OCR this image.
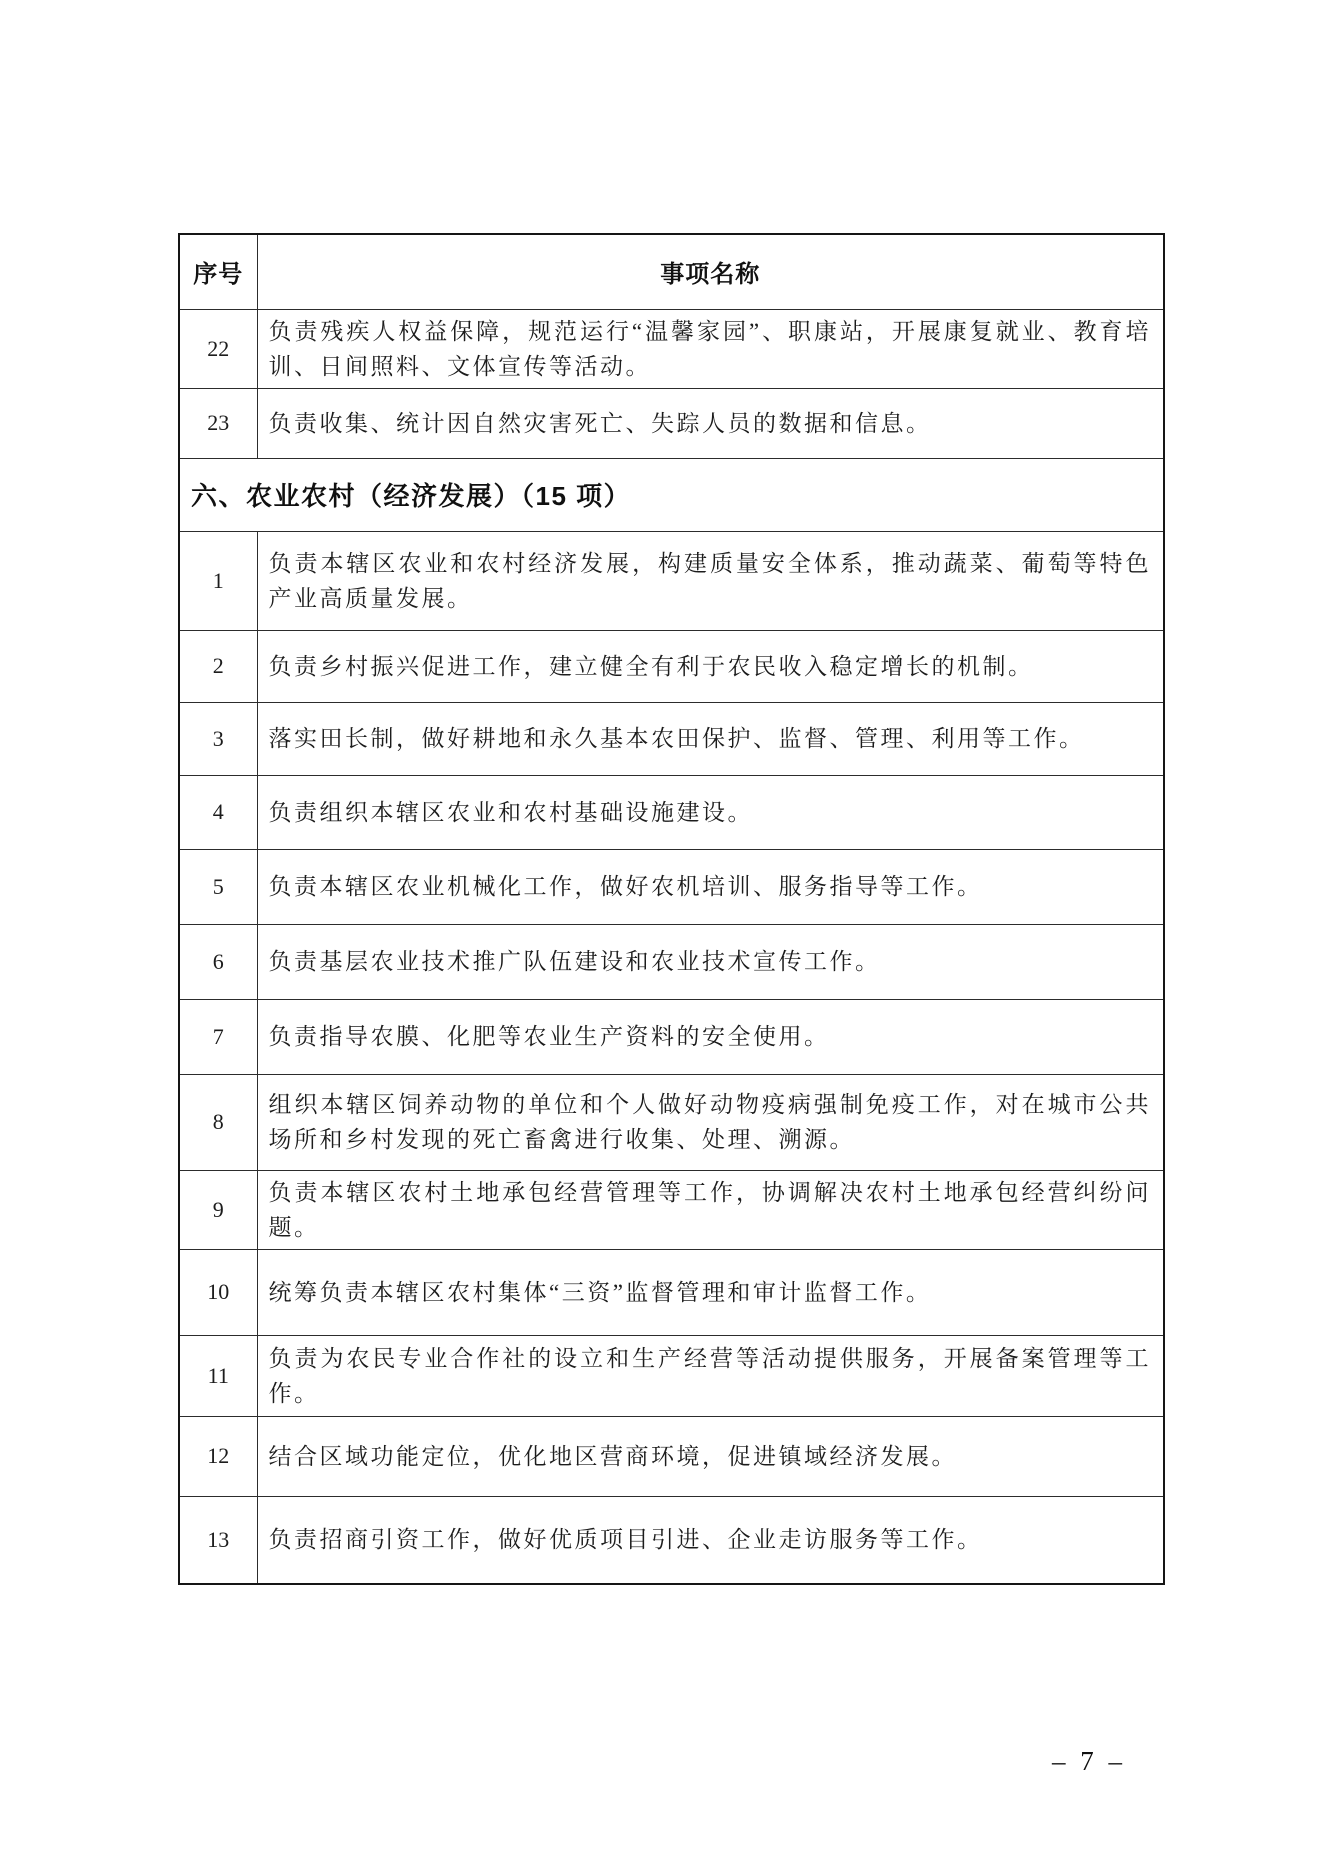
序号	事项名称
22	负责残疾人权益保障，规范运行“温馨家园”、职康站，开展康复就业、教育培训、日间照料、文体宣传等活动。
23	负责收集、统计因自然灾害死亡、失踪人员的数据和信息。
六、农业农村（经济发展）（15 项）	
1	负责本辖区农业和农村经济发展，构建质量安全体系，推动蔬菜、葡萄等特色产业高质量发展。
2	负责乡村振兴促进工作，建立健全有利于农民收入稳定增长的机制。
3	落实田长制，做好耕地和永久基本农田保护、监督、管理、利用等工作。
4	负责组织本辖区农业和农村基础设施建设。
5	负责本辖区农业机械化工作，做好农机培训、服务指导等工作。
6	负责基层农业技术推广队伍建设和农业技术宣传工作。
7	负责指导农膜、化肥等农业生产资料的安全使用。
8	组织本辖区饲养动物的单位和个人做好动物疫病强制免疫工作，对在城市公共场所和乡村发现的死亡畜禽进行收集、处理、溯源。
9	负责本辖区农村土地承包经营管理等工作，协调解决农村土地承包经营纠纷问题。
10	统筹负责本辖区农村集体“三资”监督管理和审计监督工作。
11	负责为农民专业合作社的设立和生产经营等活动提供服务，开展备案管理等工作。
12	结合区域功能定位，优化地区营商环境，促进镇域经济发展。
13	负责招商引资工作，做好优质项目引进、企业走访服务等工作。
– 7 –
